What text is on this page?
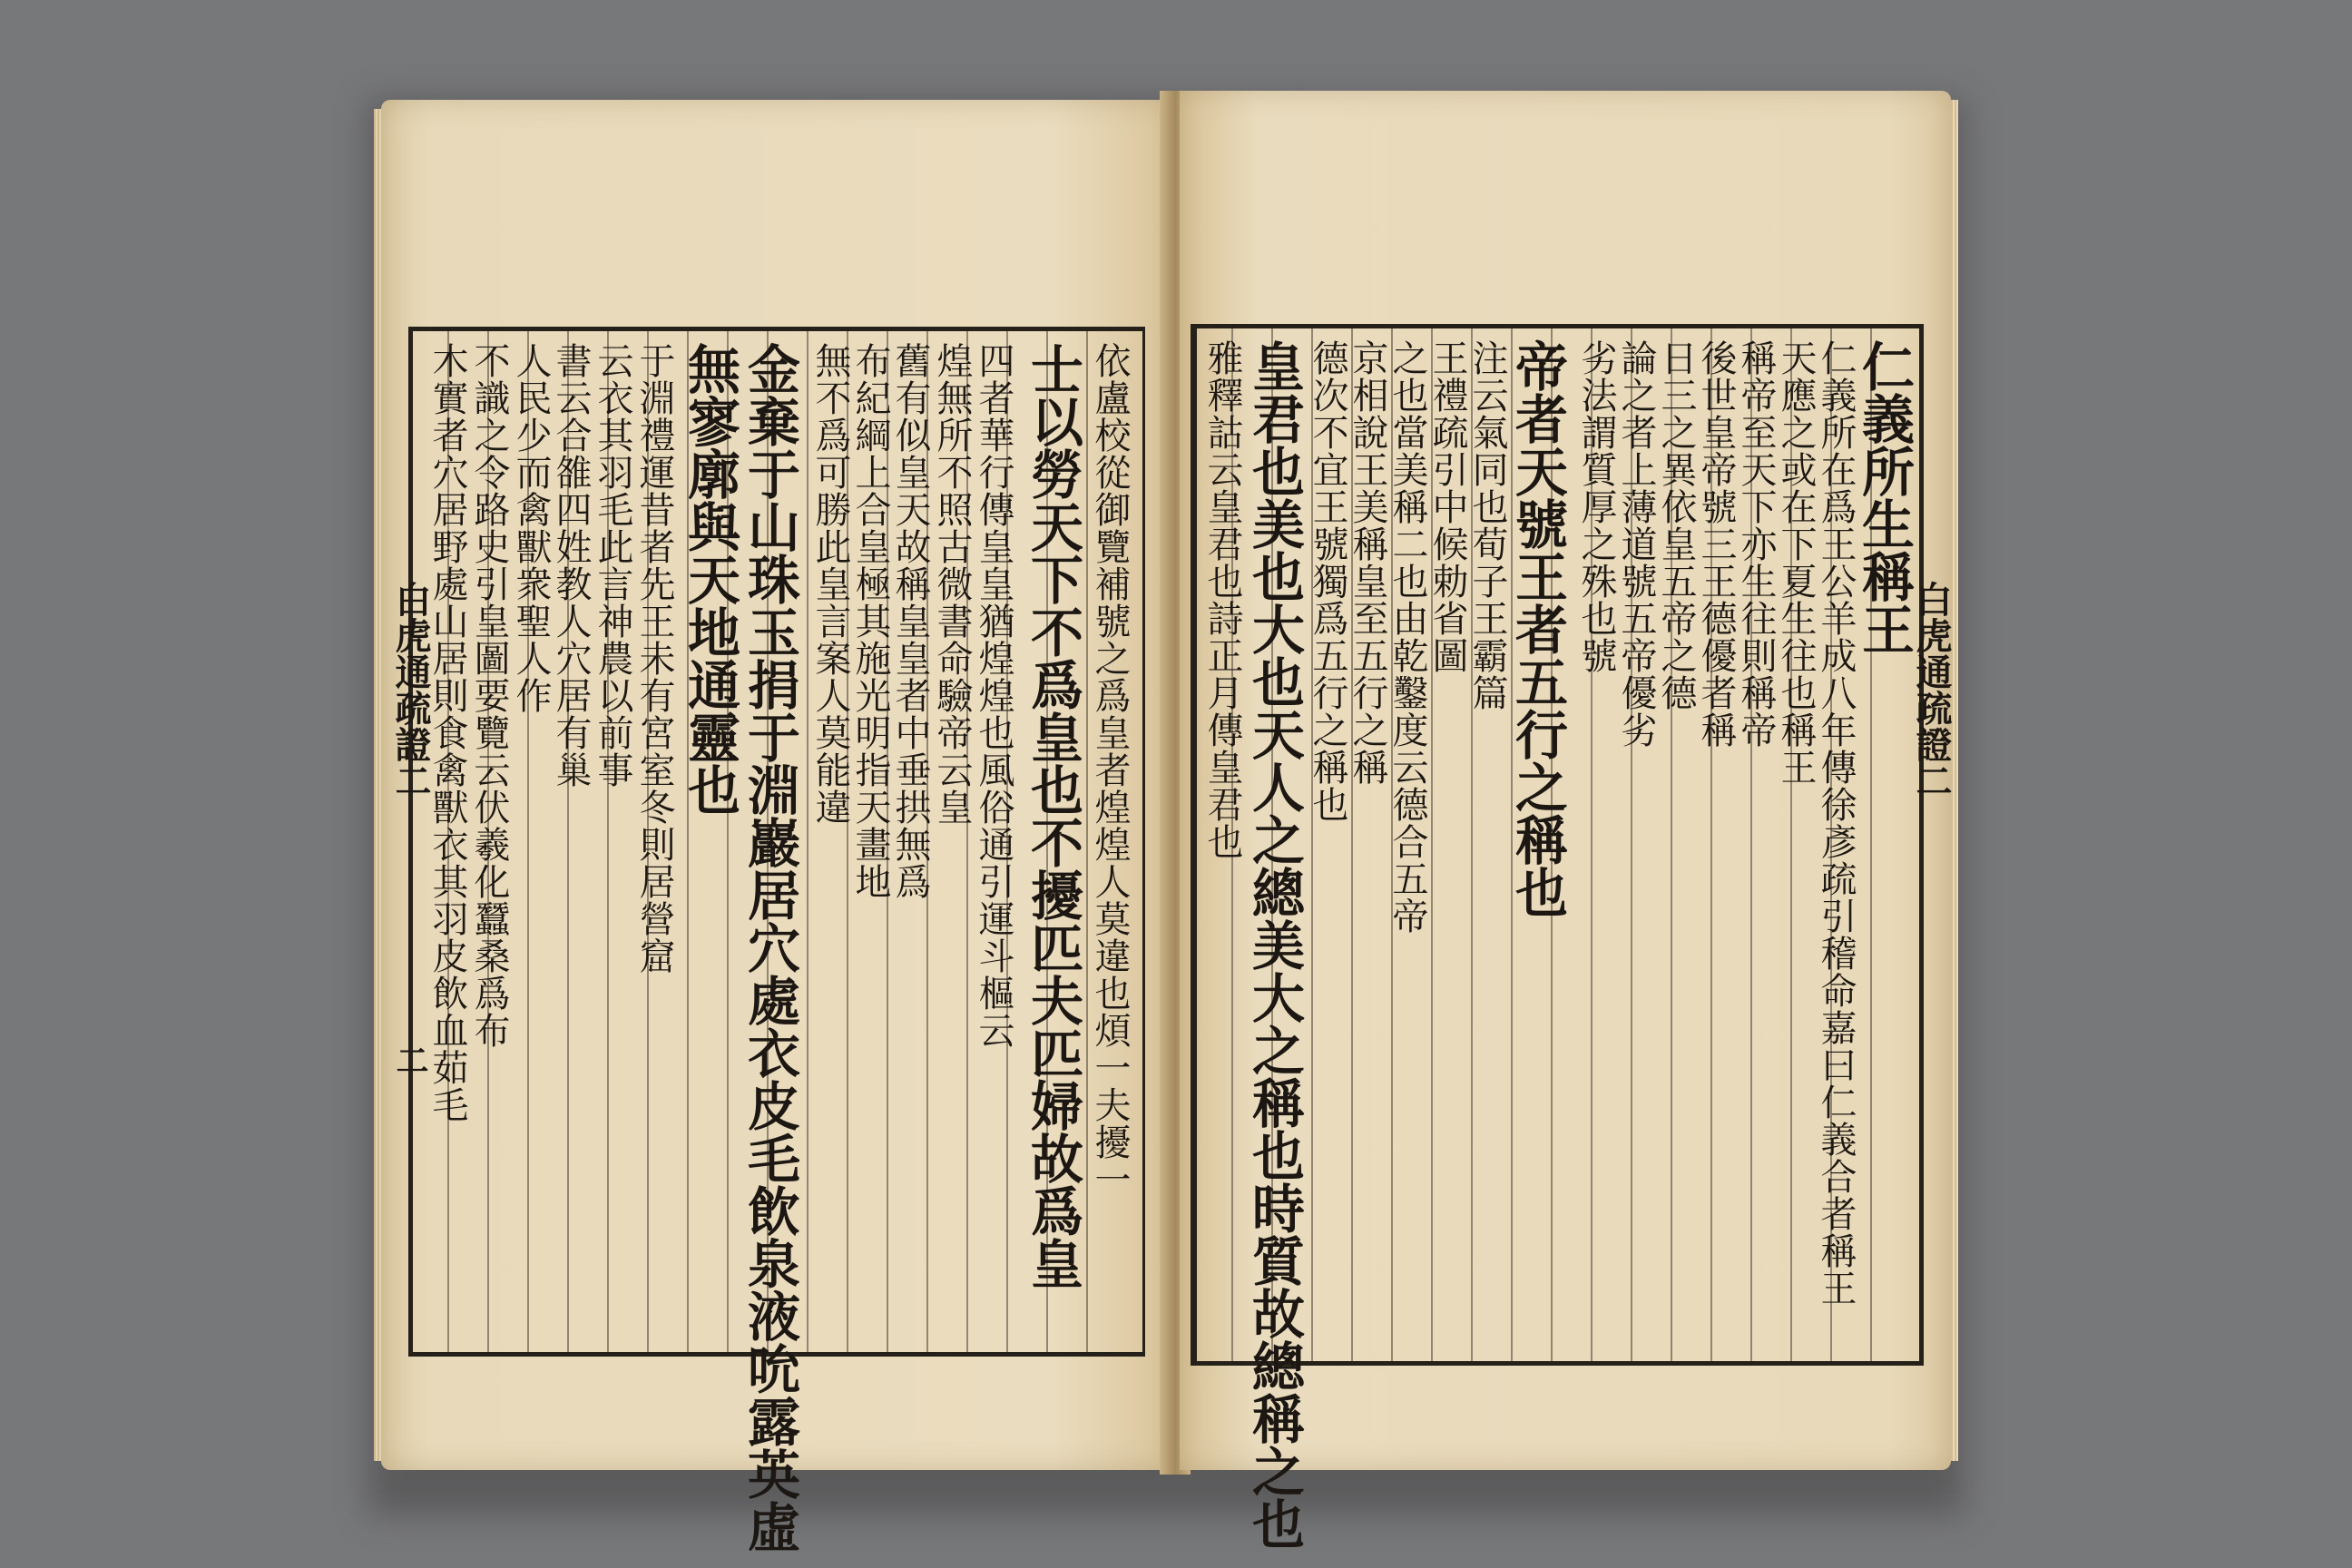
依盧校從御覽補號之爲皇者煌煌人莫違也煩一夫擾一
士以勞天下不爲皇也不擾匹夫匹婦故爲皇
四者華行傳皇皇猶煌煌也風俗通引運斗樞云
煌無所不照古微書命驗帝云皇
舊有似皇天故稱皇皇者中垂拱無爲
布紀綱上合皇極其施光明指天畫地
無不爲可勝此皇言案人莫能違
金棄于山珠玉捐于淵巖居穴處衣皮毛飲泉液吮露英虛
無寥廓與天地通靈也
于淵禮運昔者先王未有宮室冬則居營窟
云衣其羽毛此言神農以前事
書云合雒四姓教人穴居有巢
人民少而禽獸衆聖人作
不識之令路史引皇圖要覽云伏羲化蠶桑爲布
木實者穴居野處山居則食禽獸衣其羽皮飲血茹毛
白虎通疏證二
二
仁義所生稱王
仁義所在爲王公羊成八年傳徐彥疏引稽命嘉曰仁義合者稱王
天應之或在下夏生往也稱王
稱帝至天下亦生往則稱帝
後世皇帝號三王德優者稱
日三之異依皇五帝之德
論之者上薄道號五帝優劣
劣法謂質厚之殊也號
帝者天號王者五行之稱也
注云氣同也荀子王霸篇
王禮疏引中候勅省圖
之也當美稱二也由乾鑿度云德合五帝
京相說王美稱皇至五行之稱
德次不宜王號獨爲五行之稱也
皇君也美也大也天人之總美大之稱也時質故總稱之也
雅釋詁云皇君也詩正月傳皇君也	白虎通疏證二
